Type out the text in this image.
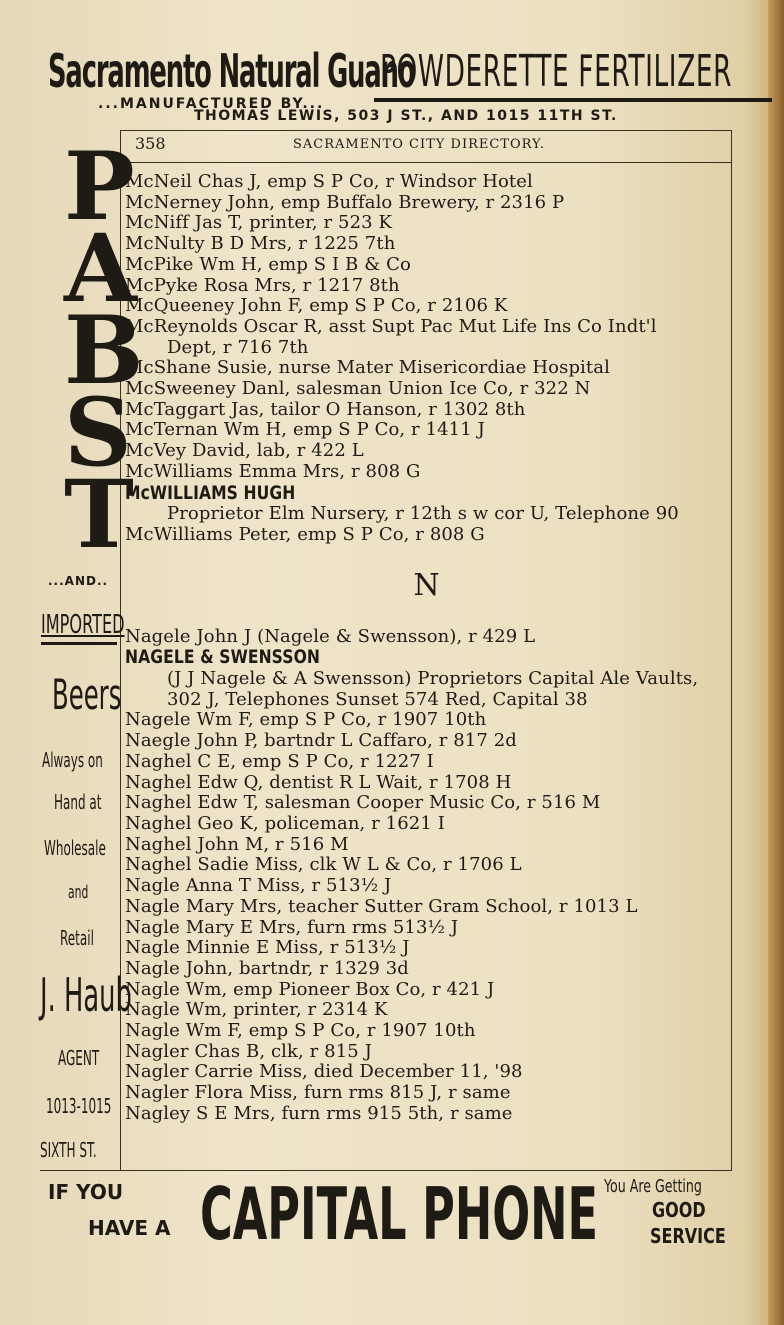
Sacramento Natural Guano
POWDERETTE FERTILIZER
...MANUFACTURED BY...
THOMAS LEWIS, 503 J ST., AND 1015 11TH ST.
358	SACRAMENTO CITY DIRECTORY.
P
A
B
S
T
...AND..
IMPORTED
Beers
Always on
Hand at
Wholesale
and
Retail
J. Haub
AGENT
1013-1015
SIXTH ST.
McNeil Chas J, emp S P Co, r Windsor Hotel
McNerney John, emp Buffalo Brewery, r 2316 P
McNiff Jas T, printer, r 523 K
McNulty B D Mrs, r 1225 7th
McPike Wm H, emp S I B & Co
McPyke Rosa Mrs, r 1217 8th
McQueeney John F, emp S P Co, r 2106 K
McReynolds Oscar R, asst Supt Pac Mut Life Ins Co Indt'l
Dept, r 716 7th
McShane Susie, nurse Mater Misericordiae Hospital
McSweeney Danl, salesman Union Ice Co, r 322 N
McTaggart Jas, tailor O Hanson, r 1302 8th
McTernan Wm H, emp S P Co, r 1411 J
McVey David, lab, r 422 L
McWilliams Emma Mrs, r 808 G
McWILLIAMS HUGH
Proprietor Elm Nursery, r 12th s w cor U, Telephone 90
McWilliams Peter, emp S P Co, r 808 G
N
Nagele John J (Nagele & Swensson), r 429 L
NAGELE & SWENSSON
(J J Nagele & A Swensson) Proprietors Capital Ale Vaults,
302 J, Telephones Sunset 574 Red, Capital 38
Nagele Wm F, emp S P Co, r 1907 10th
Naegle John P, bartndr L Caffaro, r 817 2d
Naghel C E, emp S P Co, r 1227 I
Naghel Edw Q, dentist R L Wait, r 1708 H
Naghel Edw T, salesman Cooper Music Co, r 516 M
Naghel Geo K, policeman, r 1621 I
Naghel John M, r 516 M
Naghel Sadie Miss, clk W L & Co, r 1706 L
Nagle Anna T Miss, r 513½ J
Nagle Mary Mrs, teacher Sutter Gram School, r 1013 L
Nagle Mary E Mrs, furn rms 513½ J
Nagle Minnie E Miss, r 513½ J
Nagle John, bartndr, r 1329 3d
Nagle Wm, emp Pioneer Box Co, r 421 J
Nagle Wm, printer, r 2314 K
Nagle Wm F, emp S P Co, r 1907 10th
Nagler Chas B, clk, r 815 J
Nagler Carrie Miss, died December 11, '98
Nagler Flora Miss, furn rms 815 J, r same
Nagley S E Mrs, furn rms 915 5th, r same
IF YOU
HAVE A CAPITAL PHONE You Are Getting
GOOD
SERVICE
